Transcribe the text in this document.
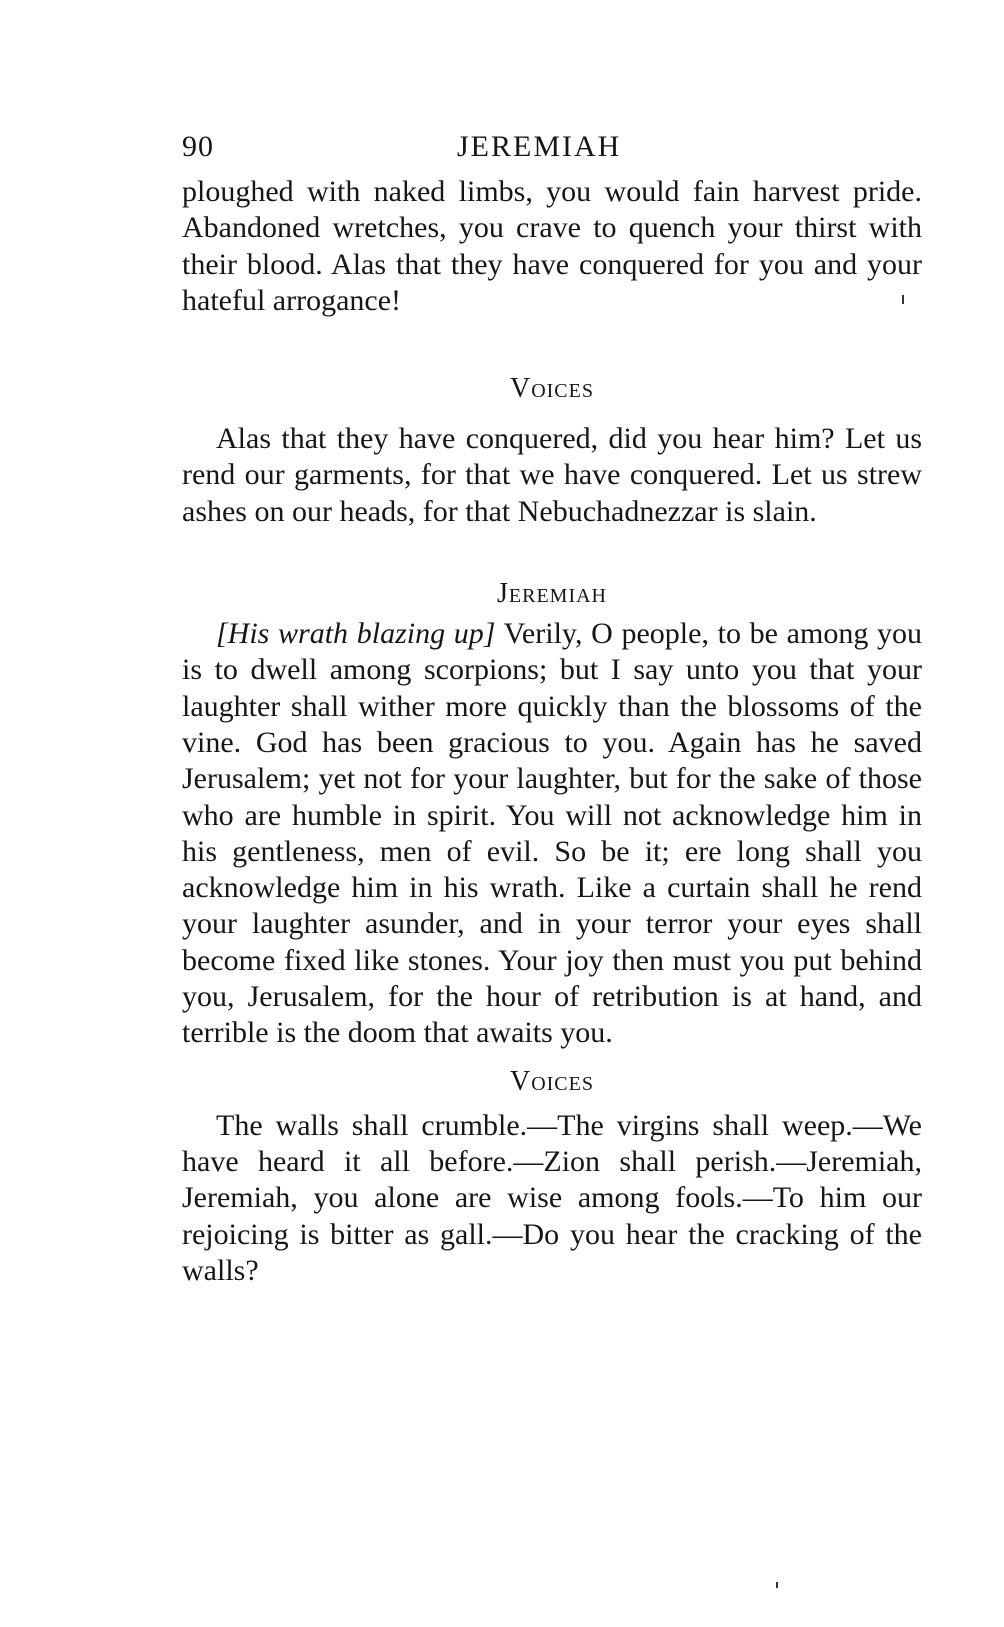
90	JEREMIAH

ploughed with naked limbs, you would fain harvest pride. Abandoned wretches, you crave to quench your thirst with their blood. Alas that they have conquered for you and your hateful arrogance!

Voices

Alas that they have conquered, did you hear him? Let us rend our garments, for that we have conquered. Let us strew ashes on our heads, for that Nebuchadnezzar is slain.

Jeremiah

[His wrath blazing up] Verily, O people, to be among you is to dwell among scorpions; but I say unto you that your laughter shall wither more quickly than the blossoms of the vine. God has been gracious to you. Again has he saved Jerusalem; yet not for your laughter, but for the sake of those who are humble in spirit. You will not acknowledge him in his gentleness, men of evil. So be it; ere long shall you acknowledge him in his wrath. Like a curtain shall he rend your laughter asunder, and in your terror your eyes shall become fixed like stones. Your joy then must you put behind you, Jerusalem, for the hour of retribution is at hand, and terrible is the doom that awaits you.

Voices

The walls shall crumble.—The virgins shall weep.—We have heard it all before.—Zion shall perish.—Jeremiah, Jeremiah, you alone are wise among fools.—To him our rejoicing is bitter as gall.—Do you hear the cracking of the walls?
